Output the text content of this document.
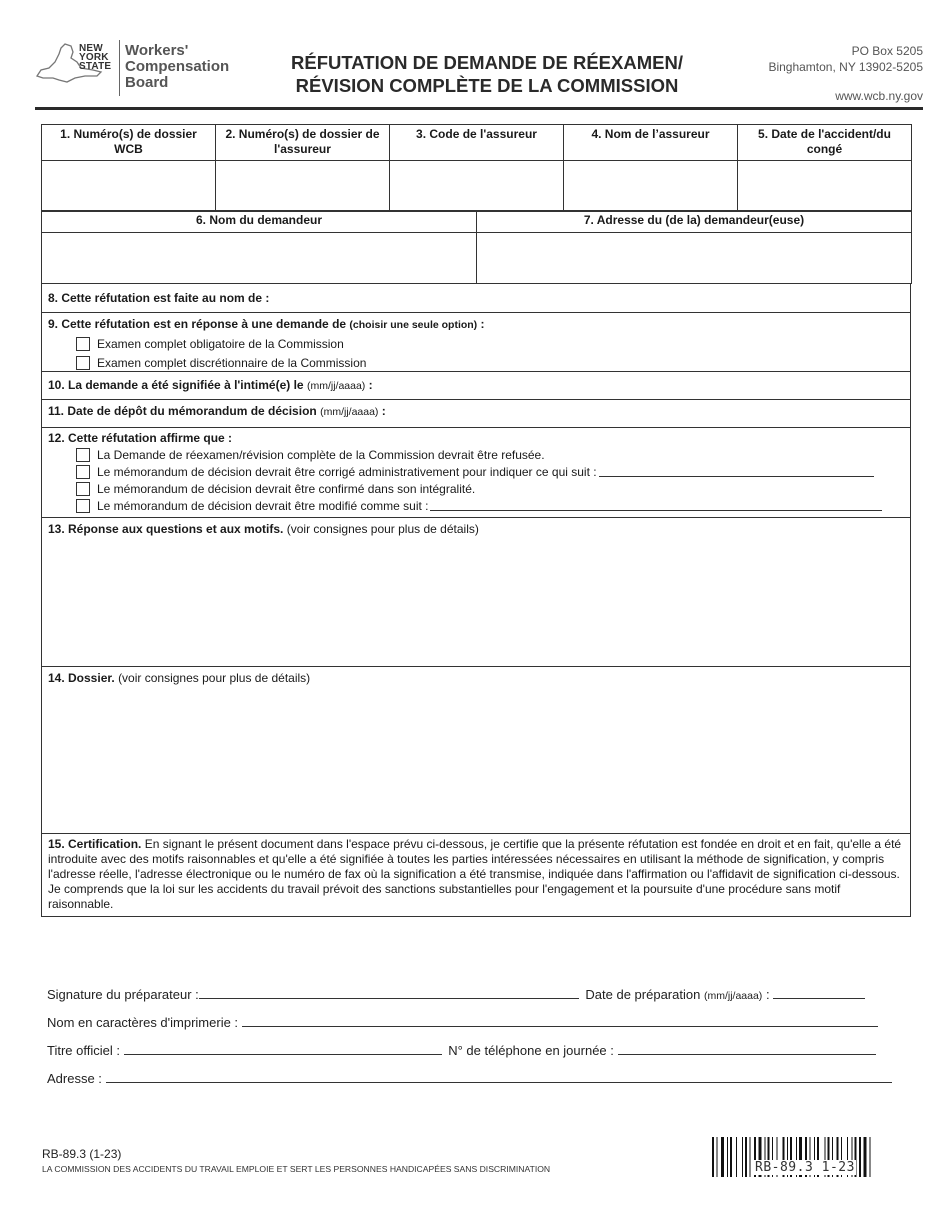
NEW
YORK
STATE
Workers'
Compensation
Board
RÉFUTATION DE DEMANDE DE RÉEXAMEN/
RÉVISION COMPLÈTE DE LA COMMISSION
PO Box 5205
Binghamton, NY 13902-5205
www.wcb.ny.gov
1. Numéro(s) de dossier WCB	2. Numéro(s) de dossier de l'assureur	3. Code de l'assureur	4. Nom de l’assureur	5. Date de l'accident/du congé

6. Nom du demandeur	7. Adresse du (de la) demandeur(euse)

8. Cette réfutation est faite au nom de :
9. Cette réfutation est en réponse à une demande de (choisir une seule option) :
Examen complet obligatoire de la Commission
Examen complet discrétionnaire de la Commission
10. La demande a été signifiée à l'intimé(e) le (mm/jj/aaaa) :
11. Date de dépôt du mémorandum de décision (mm/jj/aaaa) :
12. Cette réfutation affirme que :
La Demande de réexamen/révision complète de la Commission devrait être refusée.
Le mémorandum de décision devrait être corrigé administrativement pour indiquer ce qui suit :
Le mémorandum de décision devrait être confirmé dans son intégralité.
Le mémorandum de décision devrait être modifié comme suit :
13. Réponse aux questions et aux motifs. (voir consignes pour plus de détails)
14. Dossier. (voir consignes pour plus de détails)
15. Certification. En signant le présent document dans l'espace prévu ci-dessous, je certifie que la présente réfutation est fondée en droit et en fait, qu'elle a été introduite avec des motifs raisonnables et qu'elle a été signifiée à toutes les parties intéressées nécessaires en utilisant la méthode de signification, y compris l'adresse réelle, l'adresse électronique ou le numéro de fax où la signification a été transmise, indiquée dans l'affirmation ou l'affidavit de signification ci-dessous. Je comprends que la loi sur les accidents du travail prévoit des sanctions substantielles pour l'engagement et la poursuite d'une procédure sans motif raisonnable.
Signature du préparateur :	Date de préparation (mm/jj/aaaa) :
Nom en caractères d'imprimerie :
Titre officiel :	N° de téléphone en journée :
Adresse :
RB-89.3 (1-23)
LA COMMISSION DES ACCIDENTS DU TRAVAIL EMPLOIE ET SERT LES PERSONNES HANDICAPÉES SANS DISCRIMINATION	RB-89.3 1-23
